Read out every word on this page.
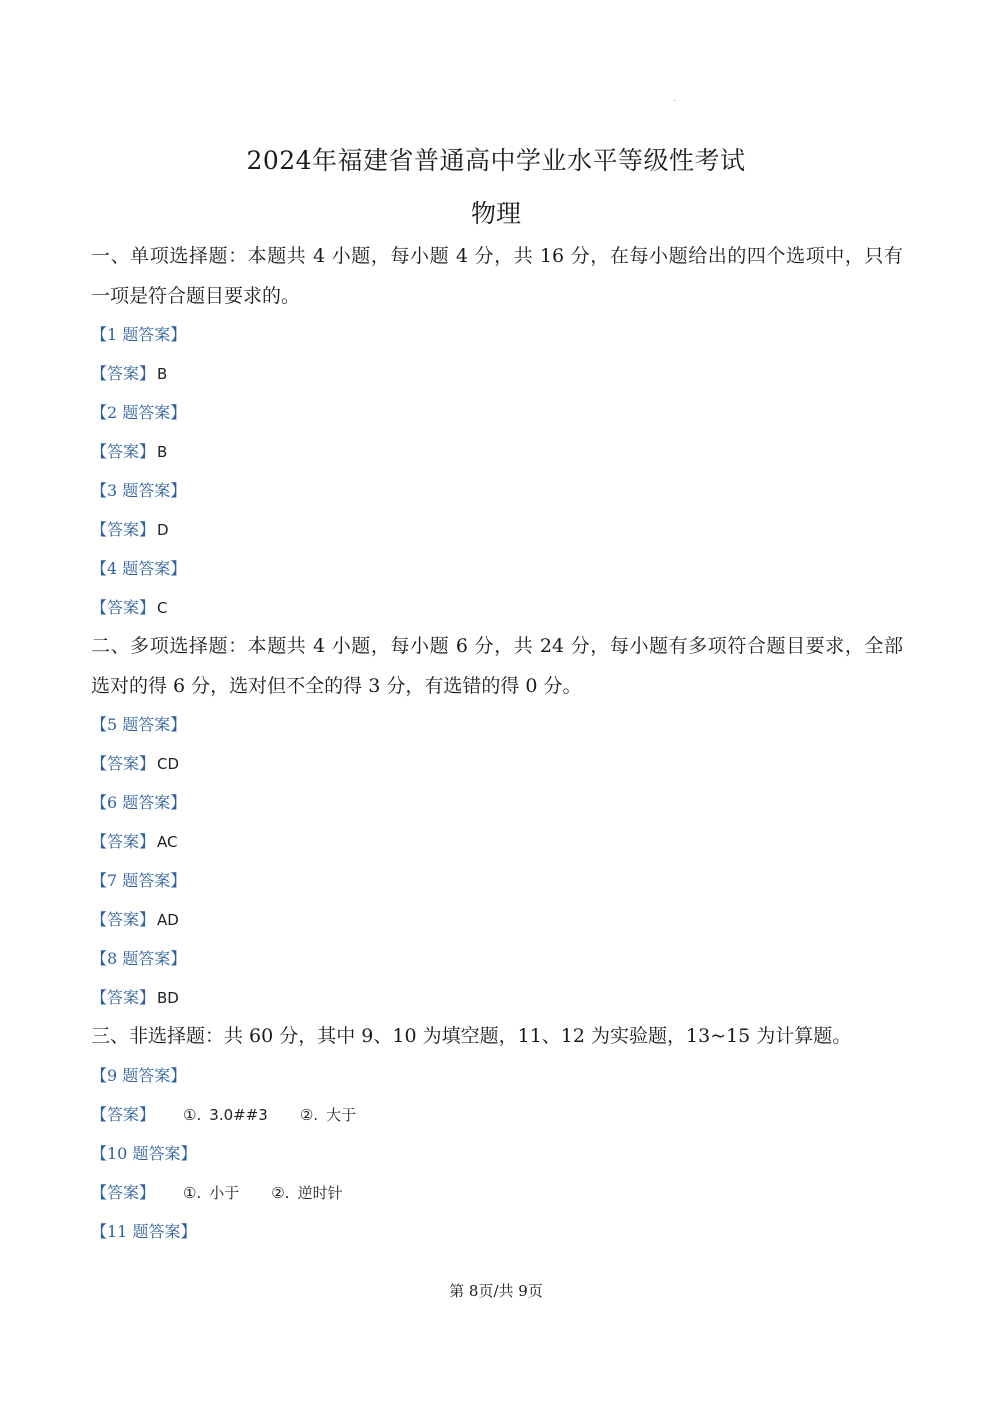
2024年福建省普通高中学业水平等级性考试
物理
一、单项选择题：本题共 4 小题，每小题 4 分，共 16 分，在每小题给出的四个选项中，只有
一项是符合题目要求的。
【1 题答案】
【答案】 B
【2 题答案】
【答案】 B
【3 题答案】
【答案】 D
【4 题答案】
【答案】 C
二、多项选择题：本题共 4 小题，每小题 6 分，共 24 分，每小题有多项符合题目要求，全部
选对的得 6 分，选对但不全的得 3 分，有选错的得 0 分。
【5 题答案】
【答案】 CD
【6 题答案】
【答案】 AC
【7 题答案】
【答案】 AD
【8 题答案】
【答案】 BD
三、非选择题：共 60 分，其中 9、10 为填空题，11、12 为实验题，13~15 为计算题。
【9 题答案】
【答案】 ①. 3.0##3 ②. 大于
【10 题答案】
【答案】 ①. 小于 ②. 逆时针
【11 题答案】
第 8页/共 9页
